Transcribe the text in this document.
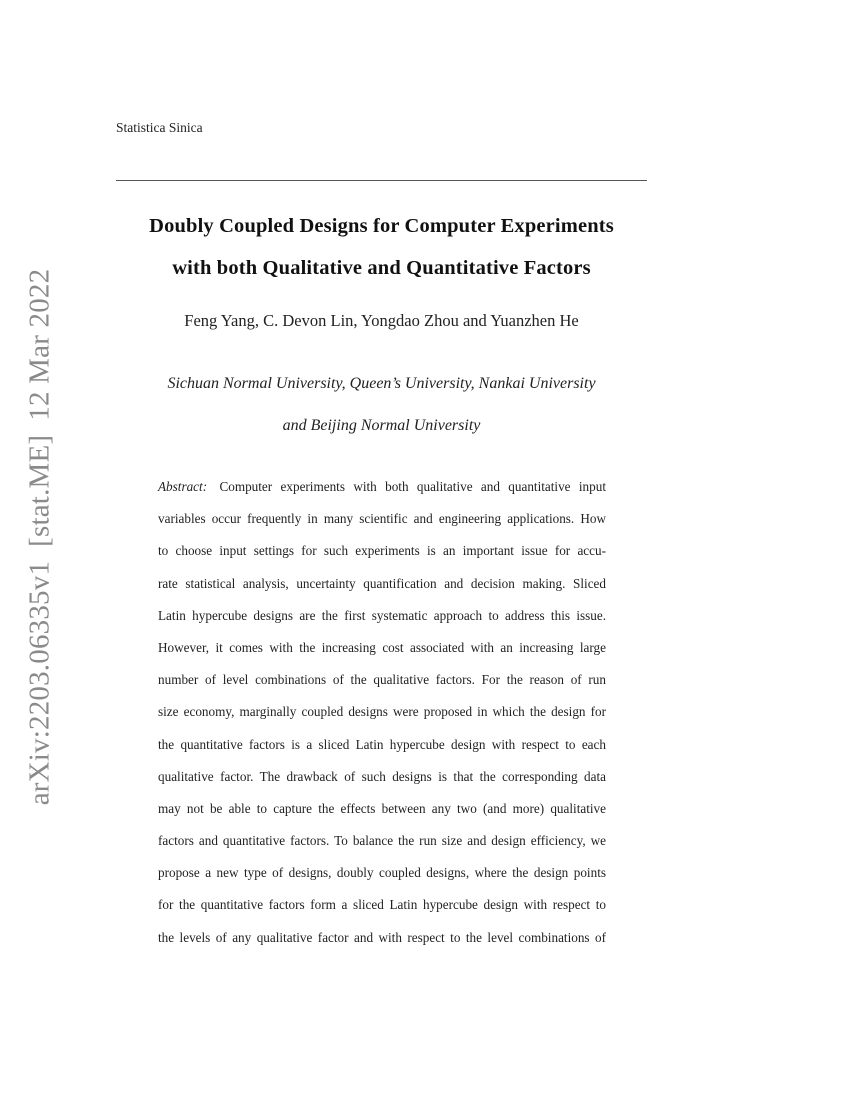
Statistica Sinica
arXiv:2203.06335v1[stat.ME]12 Mar 2022
Doubly Coupled Designs for Computer Experiments
with both Qualitative and Quantitative Factors
Feng Yang, C. Devon Lin, Yongdao Zhou and Yuanzhen He
Sichuan Normal University, Queen’s University, Nankai University
and Beijing Normal University
Abstract: Computer experiments with both qualitative and quantitative input
variables occur frequently in many scientific and engineering applications. How
to choose input settings for such experiments is an important issue for accu-
rate statistical analysis, uncertainty quantification and decision making. Sliced
Latin hypercube designs are the first systematic approach to address this issue.
However, it comes with the increasing cost associated with an increasing large
number of level combinations of the qualitative factors. For the reason of run
size economy, marginally coupled designs were proposed in which the design for
the quantitative factors is a sliced Latin hypercube design with respect to each
qualitative factor. The drawback of such designs is that the corresponding data
may not be able to capture the effects between any two (and more) qualitative
factors and quantitative factors. To balance the run size and design efficiency, we
propose a new type of designs, doubly coupled designs, where the design points
for the quantitative factors form a sliced Latin hypercube design with respect to
the levels of any qualitative factor and with respect to the level combinations of
